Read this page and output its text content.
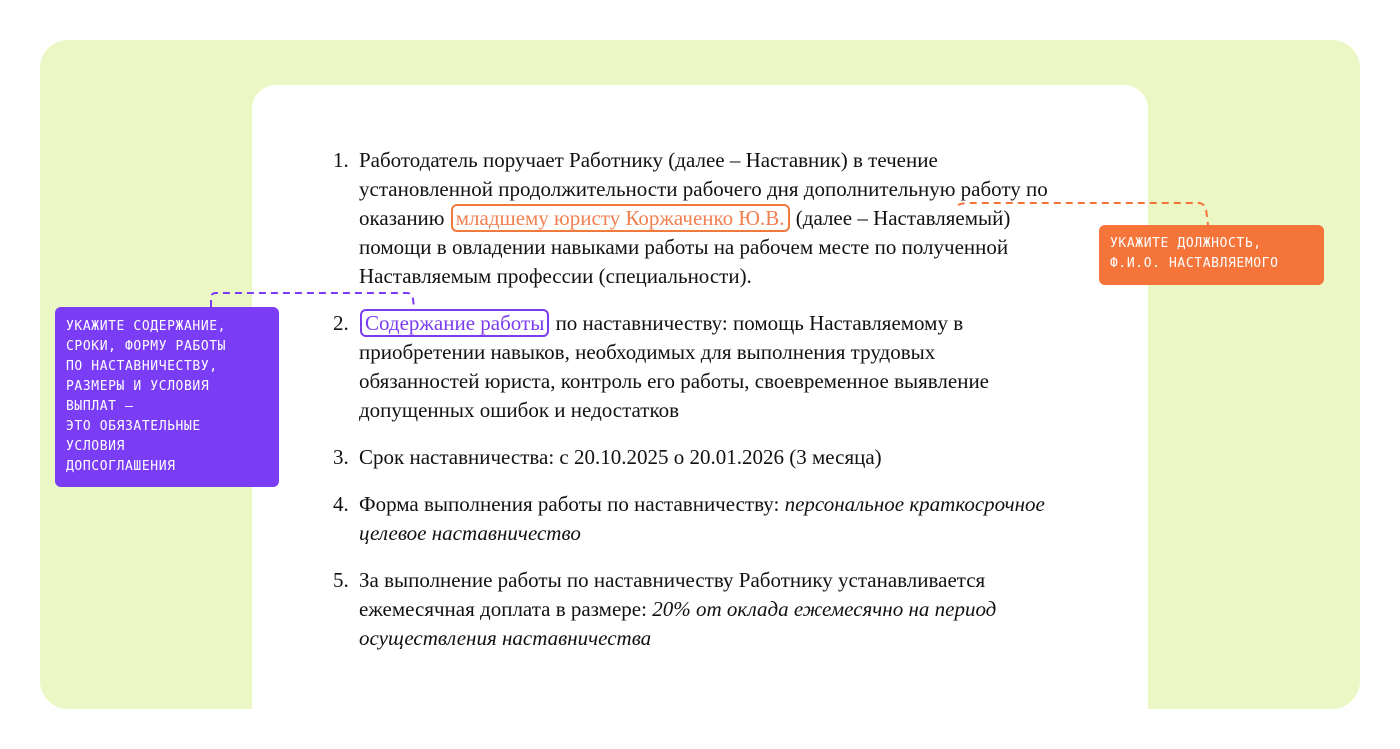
1. Работодатель поручает Работнику (далее – Наставник) в течение установленной продолжительности рабочего дня дополнительную работу по оказанию младшему юристу Коржаченко Ю.В. (далее – Наставляемый) помощи в овладении навыками работы на рабочем месте по полученной Наставляемым профессии (специальности).
2. Содержание работы по наставничеству: помощь Наставляемому в приобретении навыков, необходимых для выполнения трудовых обязанностей юриста, контроль его работы, своевременное выявление допущенных ошибок и недостатков
3. Срок наставничества: с 20.10.2025 о 20.01.2026 (3 месяца)
4. Форма выполнения работы по наставничеству: персональное краткосрочное целевое наставничество
5. За выполнение работы по наставничеству Работнику устанавливается ежемесячная доплата в размере: 20% от оклада ежемесячно на период осуществления наставничества
УКАЖИТЕ ДОЛЖНОСТЬ,
Ф.И.О. НАСТАВЛЯЕМОГО
УКАЖИТЕ СОДЕРЖАНИЕ,
СРОКИ, ФОРМУ РАБОТЫ
ПО НАСТАВНИЧЕСТВУ,
РАЗМЕРЫ И УСЛОВИЯ
ВЫПЛАТ —
ЭТО ОБЯЗАТЕЛЬНЫЕ
УСЛОВИЯ
ДОПСОГЛАШЕНИЯ
